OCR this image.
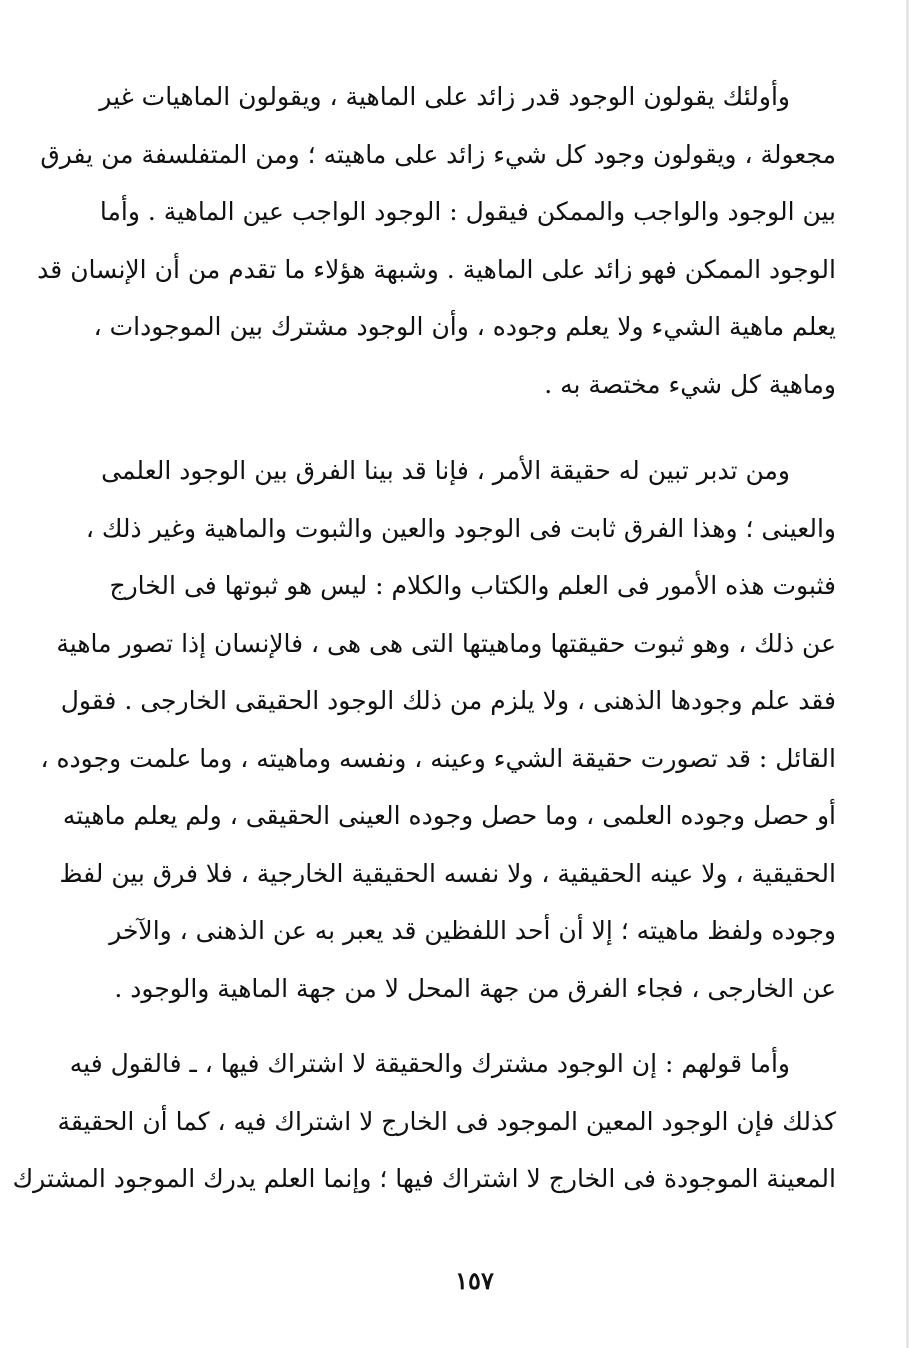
وأولئك يقولون الوجود قدر زائد على الماهية ، ويقولون الماهيات غير
مجعولة ، ويقولون وجود كل شيء زائد على ماهيته ؛ ومن المتفلسفة من يفرق
بين الوجود والواجب والممكن فيقول : الوجود الواجب عين الماهية . وأما
الوجود الممكن فهو زائد على الماهية . وشبهة هؤلاء ما تقدم من أن الإنسان قد
يعلم ماهية الشيء ولا يعلم وجوده ، وأن الوجود مشترك بين الموجودات ،
وماهية كل شيء مختصة به .

ومن تدبر تبين له حقيقة الأمر ، فإنا قد بينا الفرق بين الوجود العلمى
والعينى ؛ وهذا الفرق ثابت فى الوجود والعين والثبوت والماهية وغير ذلك ،
فثبوت هذه الأمور فى العلم والكتاب والكلام : ليس هو ثبوتها فى الخارج
عن ذلك ، وهو ثبوت حقيقتها وماهيتها التى هى هى ، فالإنسان إذا تصور ماهية
فقد علم وجودها الذهنى ، ولا يلزم من ذلك الوجود الحقيقى الخارجى . فقول
القائل : قد تصورت حقيقة الشيء وعينه ، ونفسه وماهيته ، وما علمت وجوده ،
أو حصل وجوده العلمى ، وما حصل وجوده العينى الحقيقى ، ولم يعلم ماهيته
الحقيقية ، ولا عينه الحقيقية ، ولا نفسه الحقيقية الخارجية ، فلا فرق بين لفظ
وجوده ولفظ ماهيته ؛ إلا أن أحد اللفظين قد يعبر به عن الذهنى ، والآخر
عن الخارجى ، فجاء الفرق من جهة المحل لا من جهة الماهية والوجود .

وأما قولهم : إن الوجود مشترك والحقيقة لا اشتراك فيها ، ـ فالقول فيه
كذلك فإن الوجود المعين الموجود فى الخارج لا اشتراك فيه ، كما أن الحقيقة
المعينة الموجودة فى الخارج لا اشتراك فيها ؛ وإنما العلم يدرك الموجود المشترك

١٥٧
